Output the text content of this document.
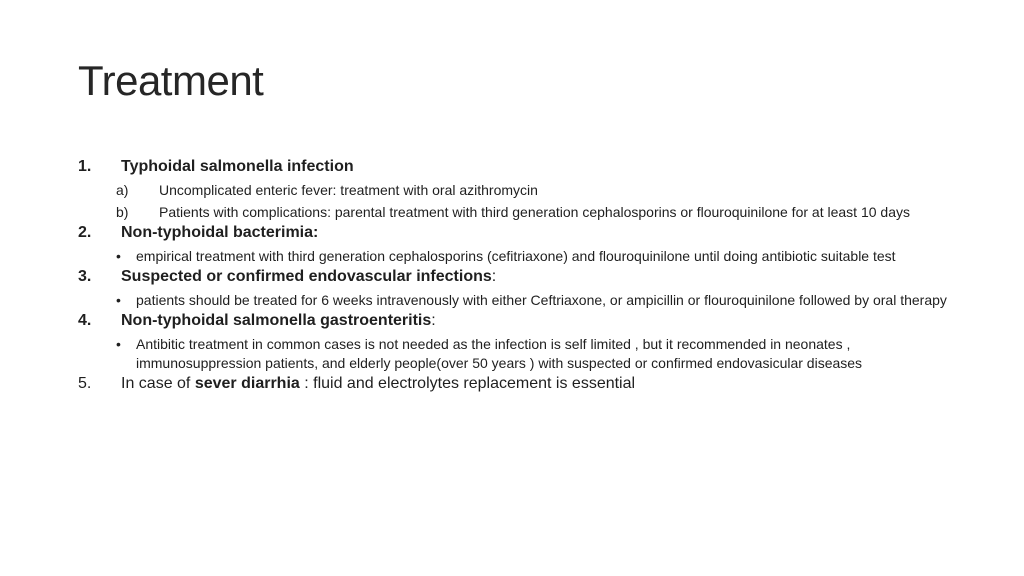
Treatment
1.	Typhoidal salmonella infection
a)	Uncomplicated enteric fever: treatment with oral azithromycin
b)	Patients with complications: parental treatment with third generation cephalosporins or flouroquinilone for at least 10 days
2.	Non-typhoidal bacterimia:
•	empirical treatment with third generation cephalosporins (cefitriaxone) and flouroquinilone until doing antibiotic suitable test
3.	Suspected or confirmed endovascular infections:
•	patients should be treated for 6 weeks intravenously with either Ceftriaxone, or ampicillin or flouroquinilone followed by oral therapy
4.	Non-typhoidal salmonella gastroenteritis:
•	Antibitic treatment in common cases is not needed as the infection is self limited , but it recommended in neonates , immunosuppression patients, and elderly people(over 50 years ) with suspected or confirmed endovasicular diseases
5.	In case of sever diarrhia : fluid and electrolytes replacement is essential
